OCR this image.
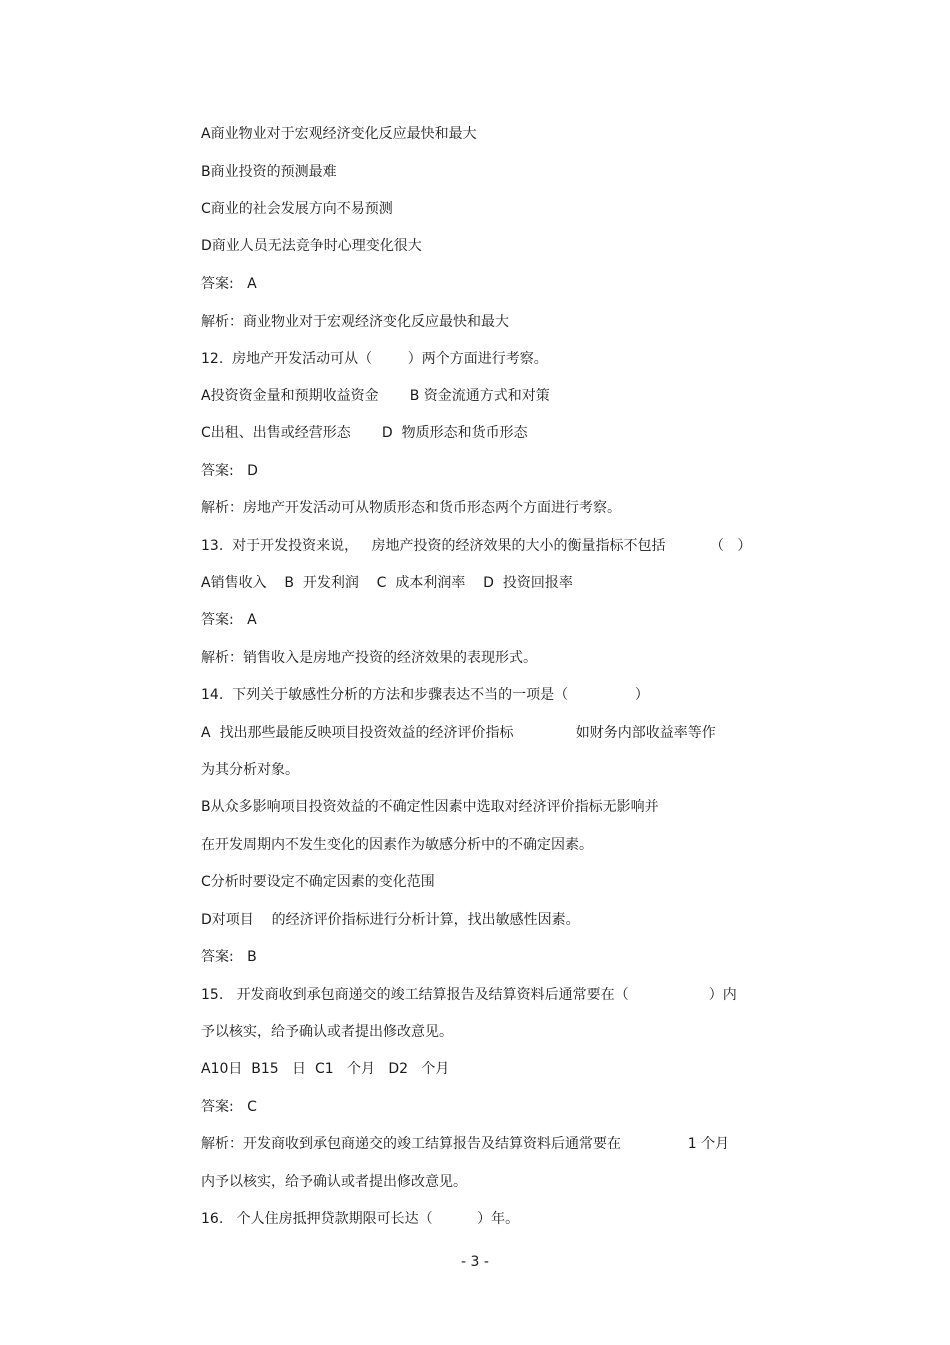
A商业物业对于宏观经济变化反应最快和最大
B商业投资的预测最难
C商业的社会发展方向不易预测
D商业人员无法竞争时心理变化很大
答案:   A
解析：商业物业对于宏观经济变化反应最快和最大
12.  房地产开发活动可从（        ）两个方面进行考察。
A投资资金量和预期收益资金       B 资金流通方式和对策
C出租、出售或经营形态       D  物质形态和货币形态
答案:   D
解析：房地产开发活动可从物质形态和货币形态两个方面进行考察。
13.  对于开发投资来说，   房地产投资的经济效果的大小的衡量指标不包括          （   ）
A销售收入    B  开发利润    C  成本利润率    D  投资回报率
答案:   A
解析：销售收入是房地产投资的经济效果的表现形式。
14.  下列关于敏感性分析的方法和步骤表达不当的一项是（               ）
A  找出那些最能反映项目投资效益的经济评价指标              如财务内部收益率等作
为其分析对象。
B从众多影响项目投资效益的不确定性因素中选取对经济评价指标无影响并
在开发周期内不发生变化的因素作为敏感分析中的不确定因素。
C分析时要设定不确定因素的变化范围
D对项目    的经济评价指标进行分析计算，找出敏感性因素。
答案:   B
15.   开发商收到承包商递交的竣工结算报告及结算资料后通常要在（                  ）内
予以核实，给予确认或者提出修改意见。
A10日  B15   日  C1   个月   D2   个月
答案:   C
解析：开发商收到承包商递交的竣工结算报告及结算资料后通常要在               1 个月
内予以核实，给予确认或者提出修改意见。
16.   个人住房抵押贷款期限可长达（          ）年。
- 3 -
